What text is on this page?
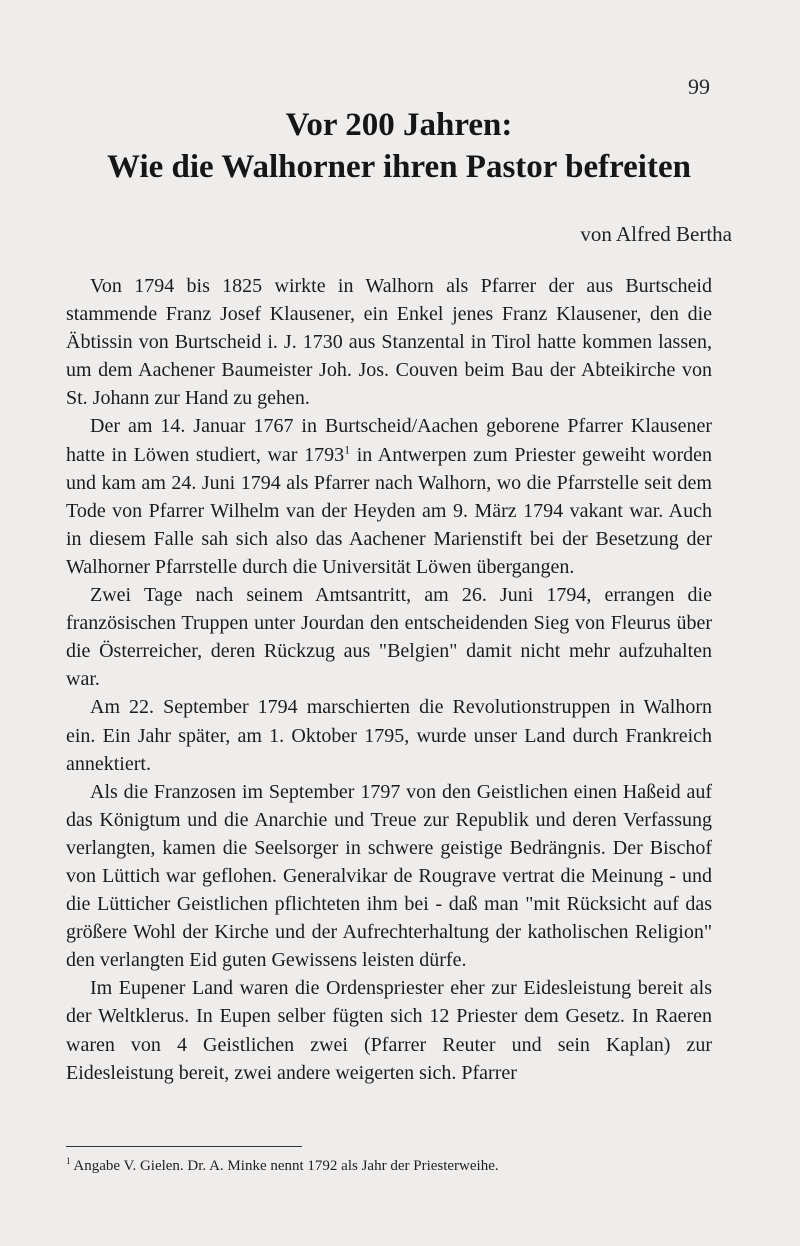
99
Vor 200 Jahren:
Wie die Walhorner ihren Pastor befreiten
von Alfred Bertha

Von 1794 bis 1825 wirkte in Walhorn als Pfarrer der aus Burtscheid stammende Franz Josef Klausener, ein Enkel jenes Franz Klausener, den die Äbtissin von Burtscheid i. J. 1730 aus Stanzental in Tirol hatte kommen lassen, um dem Aachener Baumeister Joh. Jos. Couven beim Bau der Abteikirche von St. Johann zur Hand zu gehen.

Der am 14. Januar 1767 in Burtscheid/Aachen geborene Pfarrer Klausener hatte in Löwen studiert, war 1793$^1$ in Antwerpen zum Priester geweiht worden und kam am 24. Juni 1794 als Pfarrer nach Walhorn, wo die Pfarrstelle seit dem Tode von Pfarrer Wilhelm van der Heyden am 9. März 1794 vakant war. Auch in diesem Falle sah sich also das Aachener Marienstift bei der Besetzung der Walhorner Pfarrstelle durch die Universität Löwen übergangen.

Zwei Tage nach seinem Amtsantritt, am 26. Juni 1794, errangen die französischen Truppen unter Jourdan den entscheidenden Sieg von Fleurus über die Österreicher, deren Rückzug aus "Belgien" damit nicht mehr aufzuhalten war.

Am 22. September 1794 marschierten die Revolutionstruppen in Walhorn ein. Ein Jahr später, am 1. Oktober 1795, wurde unser Land durch Frankreich annektiert.

Als die Franzosen im September 1797 von den Geistlichen einen Haßeid auf das Königtum und die Anarchie und Treue zur Republik und deren Verfassung verlangten, kamen die Seelsorger in schwere geistige Bedrängnis. Der Bischof von Lüttich war geflohen. Generalvikar de Rougrave vertrat die Meinung - und die Lütticher Geistlichen pflichteten ihm bei - daß man "mit Rücksicht auf das größere Wohl der Kirche und der Aufrechterhaltung der katholischen Religion" den verlangten Eid guten Gewissens leisten dürfe.

Im Eupener Land waren die Ordenspriester eher zur Eidesleistung bereit als der Weltklerus. In Eupen selber fügten sich 12 Priester dem Gesetz. In Raeren waren von 4 Geistlichen zwei (Pfarrer Reuter und sein Kaplan) zur Eidesleistung bereit, zwei andere weigerten sich. Pfarrer

$^1$ Angabe V. Gielen. Dr. A. Minke nennt 1792 als Jahr der Priesterweihe.
